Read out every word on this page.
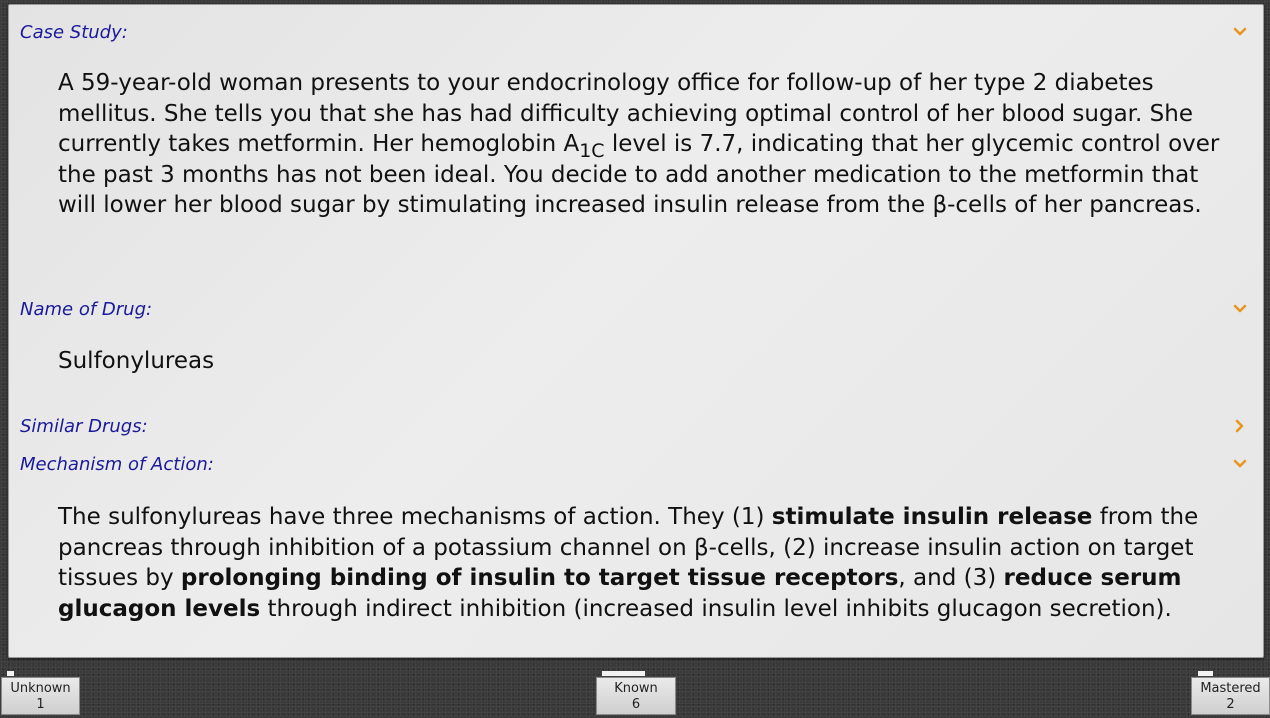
Case Study:
A 59-year-old woman presents to your endocrinology office for follow-up of her type 2 diabetes mellitus. She tells you that she has had difficulty achieving optimal control of her blood sugar. She currently takes metformin. Her hemoglobin $A_{1C}$ level is 7.7, indicating that her glycemic control over the past 3 months has not been ideal. You decide to add another medication to the metformin that will lower her blood sugar by stimulating increased insulin release from the β-cells of her pancreas.
Name of Drug:
Sulfonylureas
Similar Drugs:
Mechanism of Action:
The sulfonylureas have three mechanisms of action. They (1) stimulate insulin release from the pancreas through inhibition of a potassium channel on β-cells, (2) increase insulin action on target tissues by prolonging binding of insulin to target tissue receptors, and (3) reduce serum glucagon levels through indirect inhibition (increased insulin level inhibits glucagon secretion).
Unknown
1
Known
6
Mastered
2
